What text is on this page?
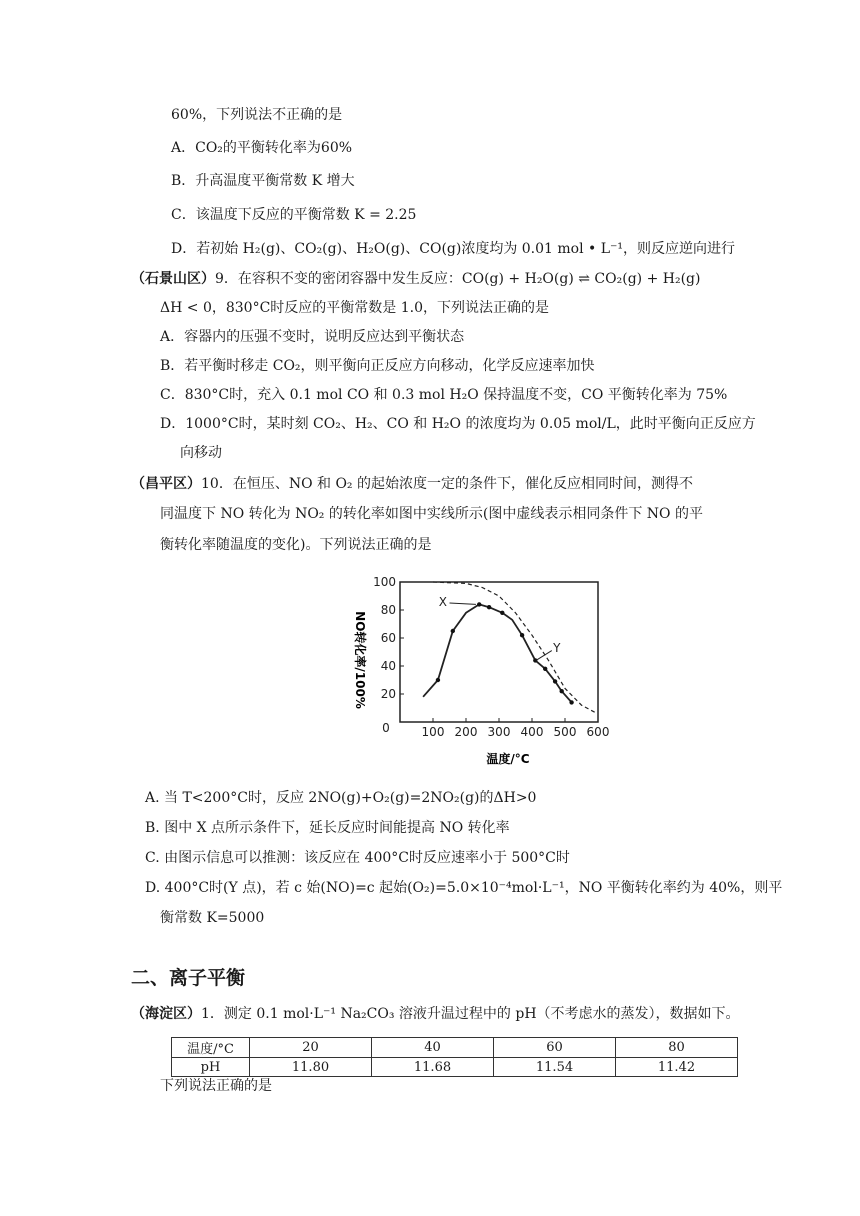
60%，下列说法不正确的是
A．CO₂的平衡转化率为60%
B．升高温度平衡常数 K 增大
C．该温度下反应的平衡常数 K = 2.25
D．若初始 H₂(g)、CO₂(g)、H₂O(g)、CO(g)浓度均为 0.01 mol • L⁻¹，则反应逆向进行
（石景山区）9．在容积不变的密闭容器中发生反应：CO(g) + H₂O(g) ⇌ CO₂(g) + H₂(g)
ΔH < 0，830°C时反应的平衡常数是 1.0，下列说法正确的是
A．容器内的压强不变时，说明反应达到平衡状态
B．若平衡时移走 CO₂，则平衡向正反应方向移动，化学反应速率加快
C．830°C时，充入 0.1 mol CO 和 0.3 mol H₂O 保持温度不变，CO 平衡转化率为 75%
D．1000°C时，某时刻 CO₂、H₂、CO 和 H₂O 的浓度均为 0.05 mol/L，此时平衡向正反应方
向移动
（昌平区）10．在恒压、NO 和 O₂ 的起始浓度一定的条件下，催化反应相同时间，测得不
同温度下 NO 转化为 NO₂ 的转化率如图中实线所示(图中虚线表示相同条件下 NO 的平
衡转化率随温度的变化)。下列说法正确的是
100 200 300 400 500 600
20
40
60
80
100
0
X
Y
温度/°C
NO转化率/100%
A. 当 T<200°C时，反应 2NO(g)+O₂(g)=2NO₂(g)的ΔH>0
B. 图中 X 点所示条件下，延长反应时间能提高 NO 转化率
C. 由图示信息可以推测：该反应在 400°C时反应速率小于 500°C时
D. 400°C时(Y 点)，若 c 始(NO)=c 起始(O₂)=5.0×10⁻⁴mol·L⁻¹，NO 平衡转化率约为 40%，则平
衡常数 K=5000
二、离子平衡
（海淀区）1．测定 0.1 mol·L⁻¹ Na₂CO₃ 溶液升温过程中的 pH（不考虑水的蒸发），数据如下。
温度/°C	20	40	60	80
pH	11.80	11.68	11.54	11.42
下列说法正确的是
